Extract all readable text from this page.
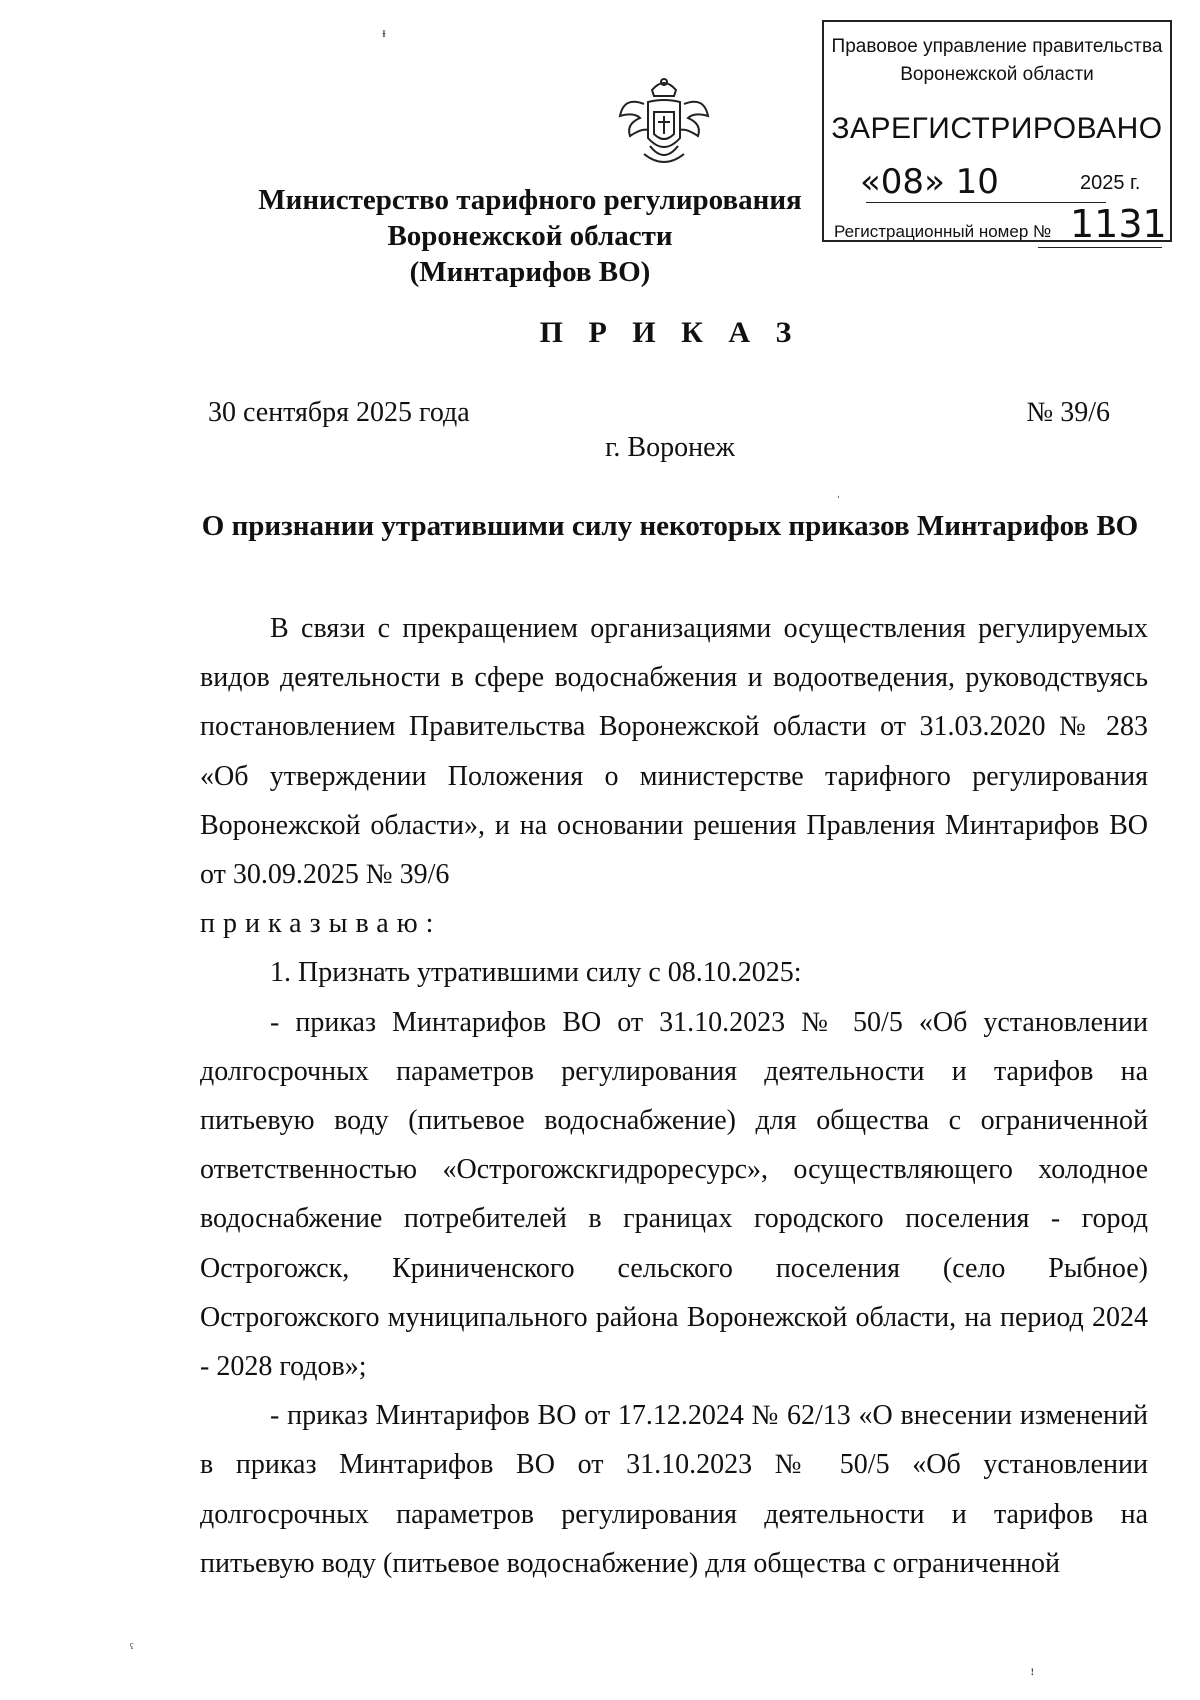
Министерство тарифного регулирования
Воронежской области
(Минтарифов ВО)
П Р И К А З
30 сентября 2025 года	№ 39/6
г. Воронеж
О признании утратившими силу некоторых приказов Минтарифов ВО

В связи с прекращением организациями осуществления регулируемых видов деятельности в сфере водоснабжения и водоотведения, руководствуясь постановлением Правительства Воронежской области от 31.03.2020 № 283 «Об утверждении Положения о министерстве тарифного регулирования Воронежской области», и на основании решения Правления Минтарифов ВО от 30.09.2025 № 39/6

приказываю:

1. Признать утратившими силу с 08.10.2025:

- приказ Минтарифов ВО от 31.10.2023 № 50/5 «Об установлении долгосрочных параметров регулирования деятельности и тарифов на питьевую воду (питьевое водоснабжение) для общества с ограниченной ответственностью «Острогожскгидроресурс», осуществляющего холодное водоснабжение потребителей в границах городского поселения - город Острогожск, Криниченского сельского поселения (село Рыбное) Острогожского муниципального района Воронежской области, на период 2024 - 2028 годов»;

- приказ Минтарифов ВО от 17.12.2024 № 62/13 «О внесении изменений в приказ Минтарифов ВО от 31.10.2023 № 50/5 «Об установлении долгосрочных параметров регулирования деятельности и тарифов на питьевую воду (питьевое водоснабжение) для общества с ограниченной

Правовое управление правительства
Воронежской области
ЗАРЕГИСТРИРОВАНО
«08» 10	2025 г.
Регистрационный номер № 1131
ᵻ
ˌ
ˤ
ꜝ
